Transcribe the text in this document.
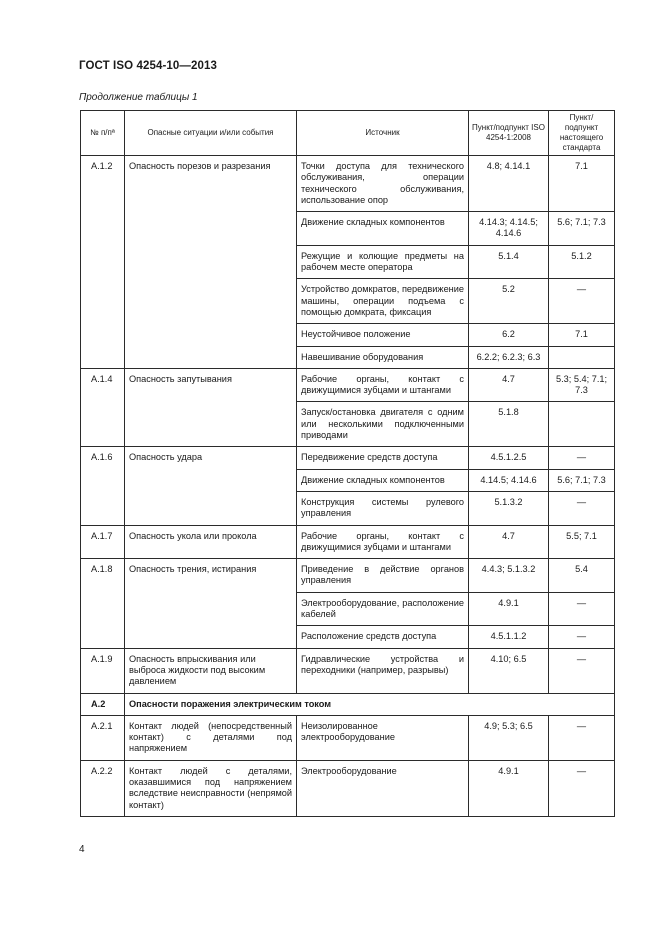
ГОСТ ISO 4254-10—2013
Продолжение таблицы 1
№ п/пª	Опасные ситуации и/или события	Источник	Пункт/подпункт ISO 4254-1:2008	Пункт/ подпункт настоящего стандарта
A.1.2	Опасность порезов и разрезания	Точки доступа для технического обслуживания, операции технического обслуживания, использование опор	4.8; 4.14.1	7.1
		Движение складных компонентов	4.14.3; 4.14.5; 4.14.6	5.6; 7.1; 7.3
		Режущие и колющие предметы на рабочем месте оператора	5.1.4	5.1.2
		Устройство домкратов, передвижение машины, операции подъема с помощью домкрата, фиксация	5.2	—
		Неустойчивое положение	6.2	7.1
		Навешивание оборудования	6.2.2; 6.2.3; 6.3	
A.1.4	Опасность запутывания	Рабочие органы, контакт с движущимися зубцами и штангами	4.7	5.3; 5.4; 7.1; 7.3
		Запуск/остановка двигателя с одним или несколькими подключенными приводами	5.1.8	
A.1.6	Опасность удара	Передвижение средств доступа	4.5.1.2.5	—
		Движение складных компонентов	4.14.5; 4.14.6	5.6; 7.1; 7.3
		Конструкция системы рулевого управления	5.1.3.2	—
A.1.7	Опасность укола или прокола	Рабочие органы, контакт с движущимися зубцами и штангами	4.7	5.5; 7.1
A.1.8	Опасность трения, истирания	Приведение в действие органов управления	4.4.3; 5.1.3.2	5.4
		Электрооборудование, расположение кабелей	4.9.1	—
		Расположение средств доступа	4.5.1.1.2	—
A.1.9	Опасность впрыскивания или выброса жидкости под высоким давлением	Гидравлические устройства и переходники (например, разрывы)	4.10; 6.5	—
A.2	Опасности поражения электрическим током			
A.2.1	Контакт людей (непосредственный контакт) с деталями под напряжением	Неизолированное электрооборудование	4.9; 5.3; 6.5	—
A.2.2	Контакт людей с деталями, оказавшимися под напряжением вследствие неисправности (непрямой контакт)	Электрооборудование	4.9.1	—
4
